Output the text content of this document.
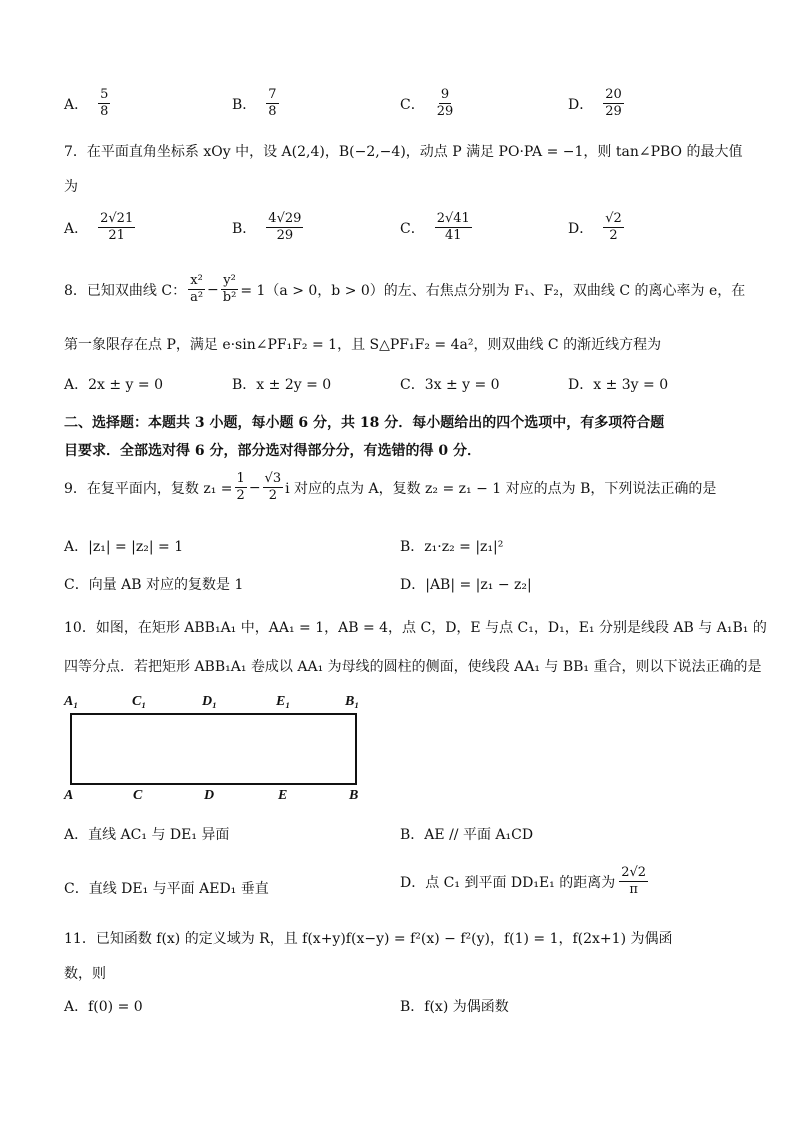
A． $\frac{5}{8}$	B． $\frac{7}{8}$	C． $\frac{9}{29}$	D． $\frac{20}{29}$
7．在平面直角坐标系 xOy 中，设 A(2,4)，B(−2,−4)，动点 P 满足 PO·PA = −1，则 tan∠PBO 的最大值
为
A． $\frac{2√21}{21}$	B． $\frac{4√29}{29}$	C． $\frac{2√41}{41}$	D． $\frac{√2}{2}$
8．已知双曲线 C： $\frac{\text{x²}}{\text{a²}} - \frac{\text{y²}}{\text{b²}} = 1(a > 0$，b > 0）的左、右焦点分别为 F₁、F₂，双曲线 C 的离心率为 e，在
第一象限存在点 P，满足 e·sin∠PF₁F₂ = 1，且 S△PF₁F₂ = 4a²，则双曲线 C 的渐近线方程为
A．2x ± y = 0	B．x ± 2y = 0	C．3x ± y = 0	D．x ± 3y = 0
二、选择题：本题共 3 小题，每小题 6 分，共 18 分．每小题给出的四个选项中，有多项符合题
目要求．全部选对得 6 分，部分选对得部分分，有选错的得 0 分．
9．在复平面内，复数 $z_1 = \frac{1}{2} - \frac{√3}{2}$ i 对应的点为 A，复数 z₂ = z₁ − 1 对应的点为 B，下列说法正确的是
A．|z₁| = |z₂| = 1	B．z₁·z₂ = |z₁|²
C．向量 AB 对应的复数是 1	D．|AB| = |z₁ − z₂|
10．如图，在矩形 ABB₁A₁ 中，AA₁ = 1，AB = 4，点 C，D，E 与点 C₁，D₁，E₁ 分别是线段 AB 与 A₁B₁ 的
四等分点．若把矩形 ABB₁A₁ 卷成以 AA₁ 为母线的圆柱的侧面，使线段 AA₁ 与 BB₁ 重合，则以下说法正确的是
A₁	C₁	D₁	E₁	B₁
A	C	D	E	B
A．直线 AC₁ 与 DE₁ 异面	B．AE // 平面 A₁CD
C．直线 DE₁ 与平面 AED₁ 垂直	D．点 C₁ 到平面 DD₁E₁ 的距离为 $\frac{2√2}{\pi}$
11．已知函数 f(x) 的定义域为 R，且 f(x+y)f(x−y) = f²(x) − f²(y)，f(1) = 1，f(2x+1) 为偶函
数，则
A．f(0) = 0	B．f(x) 为偶函数
